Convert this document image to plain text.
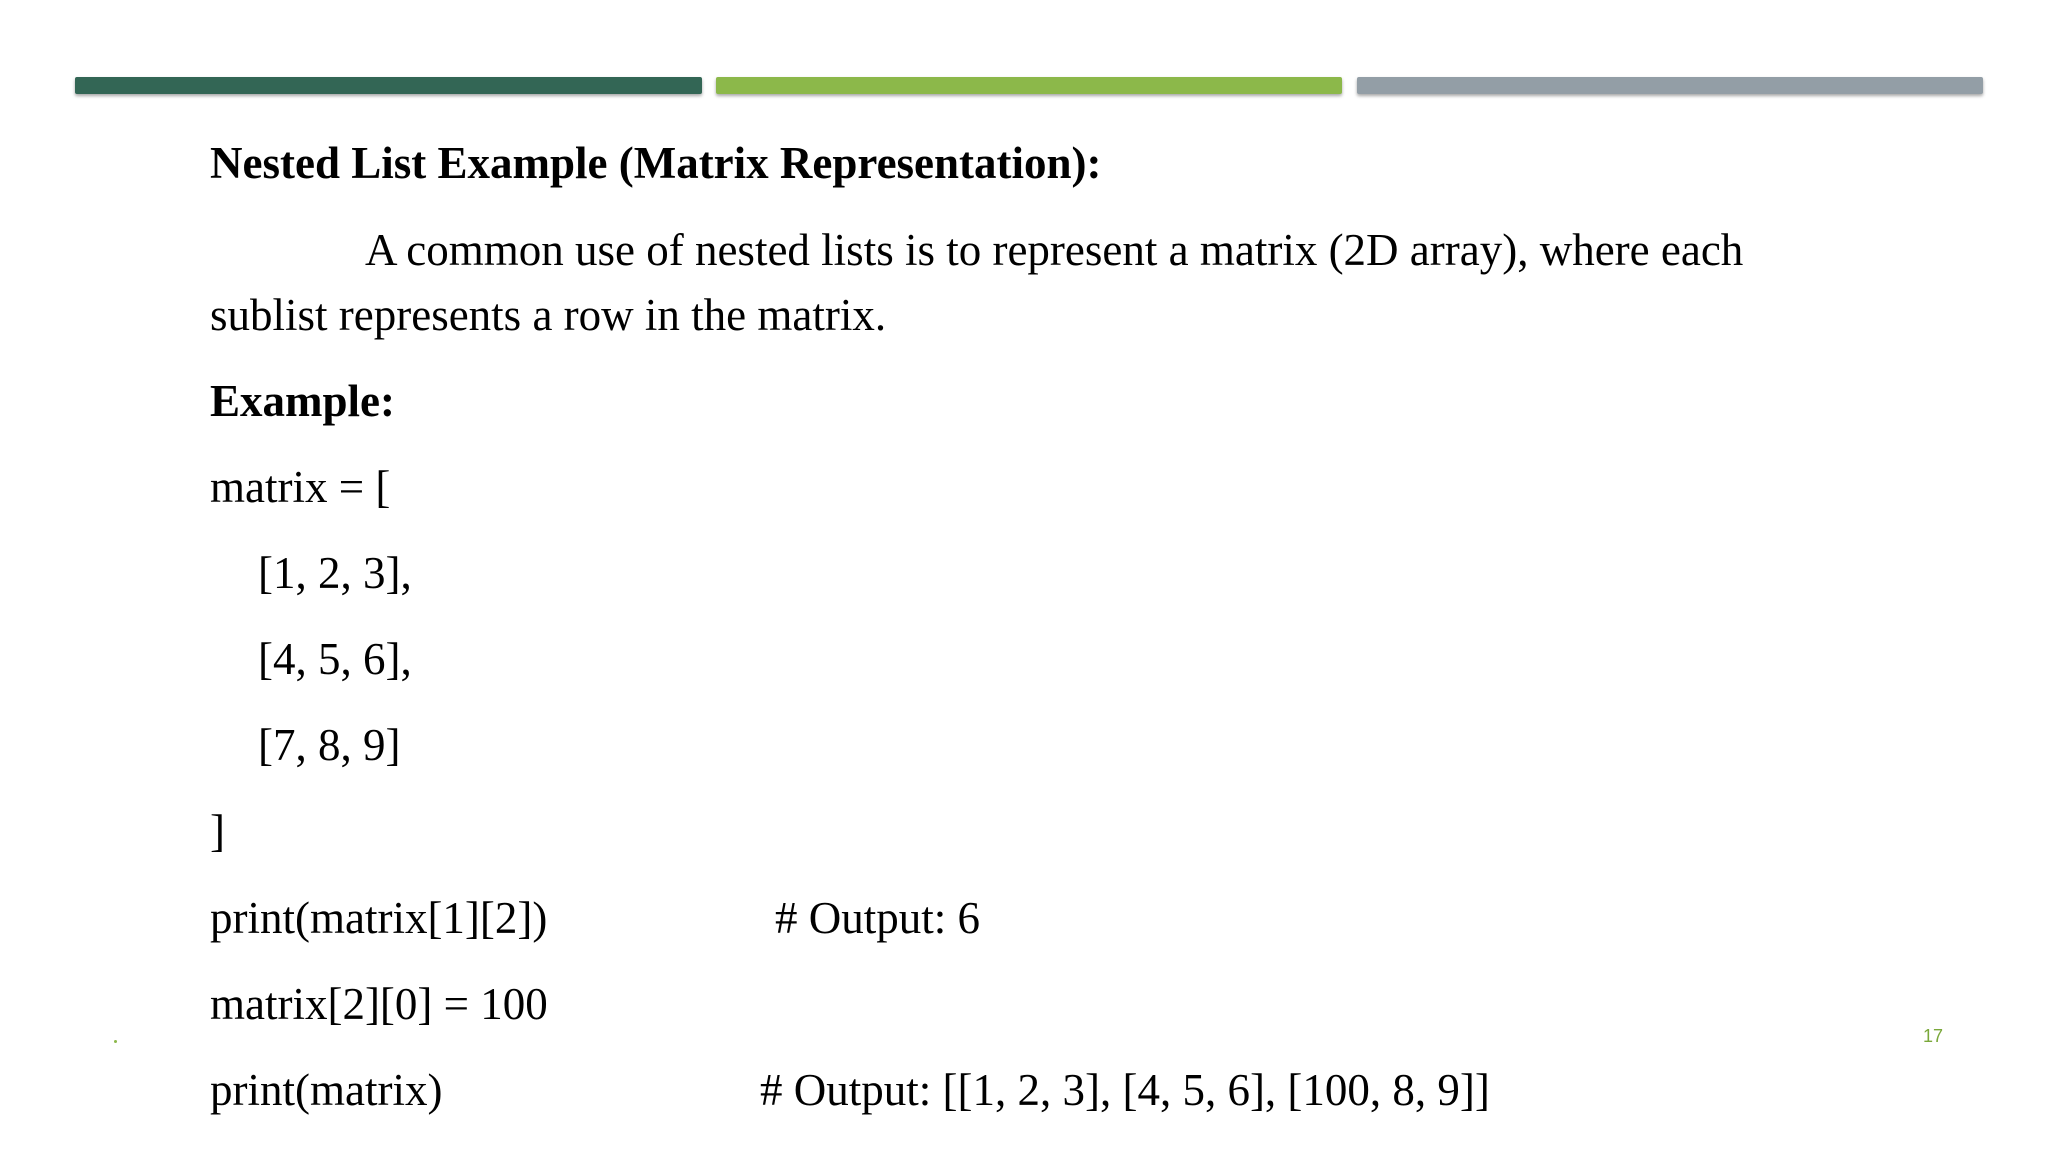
Nested List Example (Matrix Representation):
A common use of nested lists is to represent a matrix (2D array), where each
sublist represents a row in the matrix.
Example:
matrix = [
[1, 2, 3],
[4, 5, 6],
[7, 8, 9]
]
print(matrix[1][2])	# Output: 6
matrix[2][0] = 100
print(matrix)	# Output: [[1, 2, 3], [4, 5, 6], [100, 8, 9]]
17
